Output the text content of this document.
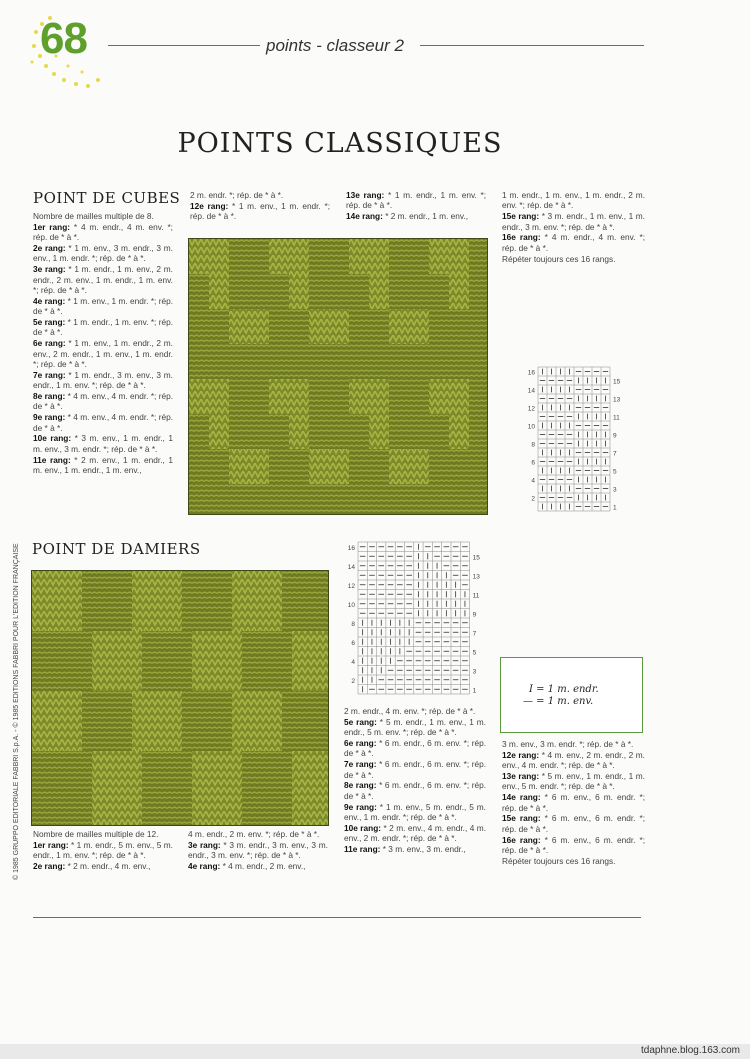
68	points - classeur 2
POINTS CLASSIQUES
POINT DE CUBES

Nombre de mailles multiple de 8.

1er rang: * 4 m. endr., 4 m. env. *; rép. de * à *.

2e rang: * 1 m. env., 3 m. endr., 3 m. env., 1 m. endr. *; rép. de * à *.

3e rang: * 1 m. endr., 1 m. env., 2 m. endr., 2 m. env., 1 m. endr., 1 m. env. *; rép. de * à *.

4e rang: * 1 m. env., 1 m. endr. *; rép. de * à *.

5e rang: * 1 m. endr., 1 m. env. *; rép. de * à *.

6e rang: * 1 m. env., 1 m. endr., 2 m. env., 2 m. endr., 1 m. env., 1 m. endr. *; rép. de * à *.

7e rang: * 1 m. endr., 3 m. env., 3 m. endr., 1 m. env. *; rép. de * à *.

8e rang: * 4 m. env., 4 m. endr. *; rép. de * à *.

9e rang: * 4 m. env., 4 m. endr. *; rép. de * à *.

10e rang: * 3 m. env., 1 m. endr., 1 m. env., 3 m. endr. *; rép. de * à *.

11e rang: * 2 m. env., 1 m. endr., 1 m. env., 1 m. endr., 1 m. env.,

2 m. endr. *; rép. de * à *.

12e rang: * 1 m. env., 1 m. endr. *; rép. de * à *.

13e rang: * 1 m. endr., 1 m. env. *; rép. de * à *.

14e rang: * 2 m. endr., 1 m. env.,

1 m. endr., 1 m. env., 1 m. endr., 2 m. env. *; rép. de * à *.

15e rang: * 3 m. endr., 1 m. env., 1 m. endr., 3 m. env. *; rép. de * à *.

16e rang: * 4 m. endr., 4 m. env. *; rép. de * à *.

Répéter toujours ces 16 rangs.

16
14
12
10
8
6
4
2
15
13
11
9
7
5
3
1
POINT DE DAMIERS	16
14
12
10
8
6
4
2
15
13
11
9
7
5
3
1	I = 1 m. endr.
— = 1 m. env.

Nombre de mailles multiple de 12.

1er rang: * 1 m. endr., 5 m. env., 5 m. endr., 1 m. env. *; rép. de * à *.

2e rang: * 2 m. endr., 4 m. env.,

4 m. endr., 2 m. env. *; rép. de * à *.

3e rang: * 3 m. endr., 3 m. env., 3 m. endr., 3 m. env. *; rép. de * à *.

4e rang: * 4 m. endr., 2 m. env.,

2 m. endr., 4 m. env. *; rép. de * à *.

5e rang: * 5 m. endr., 1 m. env., 1 m. endr., 5 m. env. *; rép. de * à *.

6e rang: * 6 m. endr., 6 m. env. *; rép. de * à *.

7e rang: * 6 m. endr., 6 m. env. *; rép. de * à *.

8e rang: * 6 m. endr., 6 m. env. *; rép. de * à *.

9e rang: * 1 m. env., 5 m. endr., 5 m. env., 1 m. endr. *; rép. de * à *.

10e rang: * 2 m. env., 4 m. endr., 4 m. env., 2 m. endr. *; rép. de * à *.

11e rang: * 3 m. env., 3 m. endr.,

3 m. env., 3 m. endr. *; rép. de * à *.

12e rang: * 4 m. env., 2 m. endr., 2 m. env., 4 m. endr. *; rép. de * à *.

13e rang: * 5 m. env., 1 m. endr., 1 m. env., 5 m. endr. *; rép. de * à *.

14e rang: * 6 m. env., 6 m. endr. *; rép. de * à *.

15e rang: * 6 m. env., 6 m. endr. *; rép. de * à *.

16e rang: * 6 m. env., 6 m. endr. *; rép. de * à *.

Répéter toujours ces 16 rangs.

© 1985 GRUPPO EDITORIALE FABBRI S.p.A. - © 1985 EDITIONS FABBRI POUR L'EDITION FRANÇAISE
tdaphne.blog.163.com
